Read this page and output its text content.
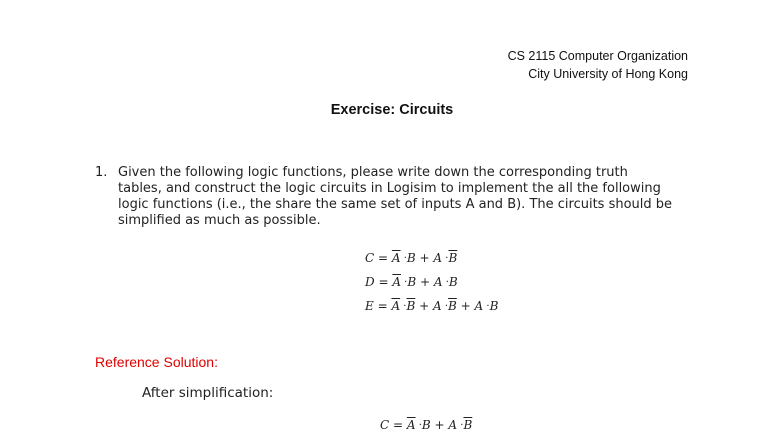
CS 2115 Computer Organization
City University of Hong Kong
Exercise: Circuits
1. Given the following logic functions, please write down the corresponding truth tables, and construct the logic circuits in Logisim to implement the all the following logic functions (i.e., the share the same set of inputs A and B). The circuits should be simplified as much as possible.
$C = \overline{A} \cdot B + A \cdot\overline{B}$
$D = \overline{A} \cdot B + A \cdot B$
$E = \overline{A} \cdot\overline{B} + A \cdot\overline{B} + A \cdot B$
Reference Solution:
After simplification:
$C = \overline{A} \cdot B + A \cdot\overline{B}$
